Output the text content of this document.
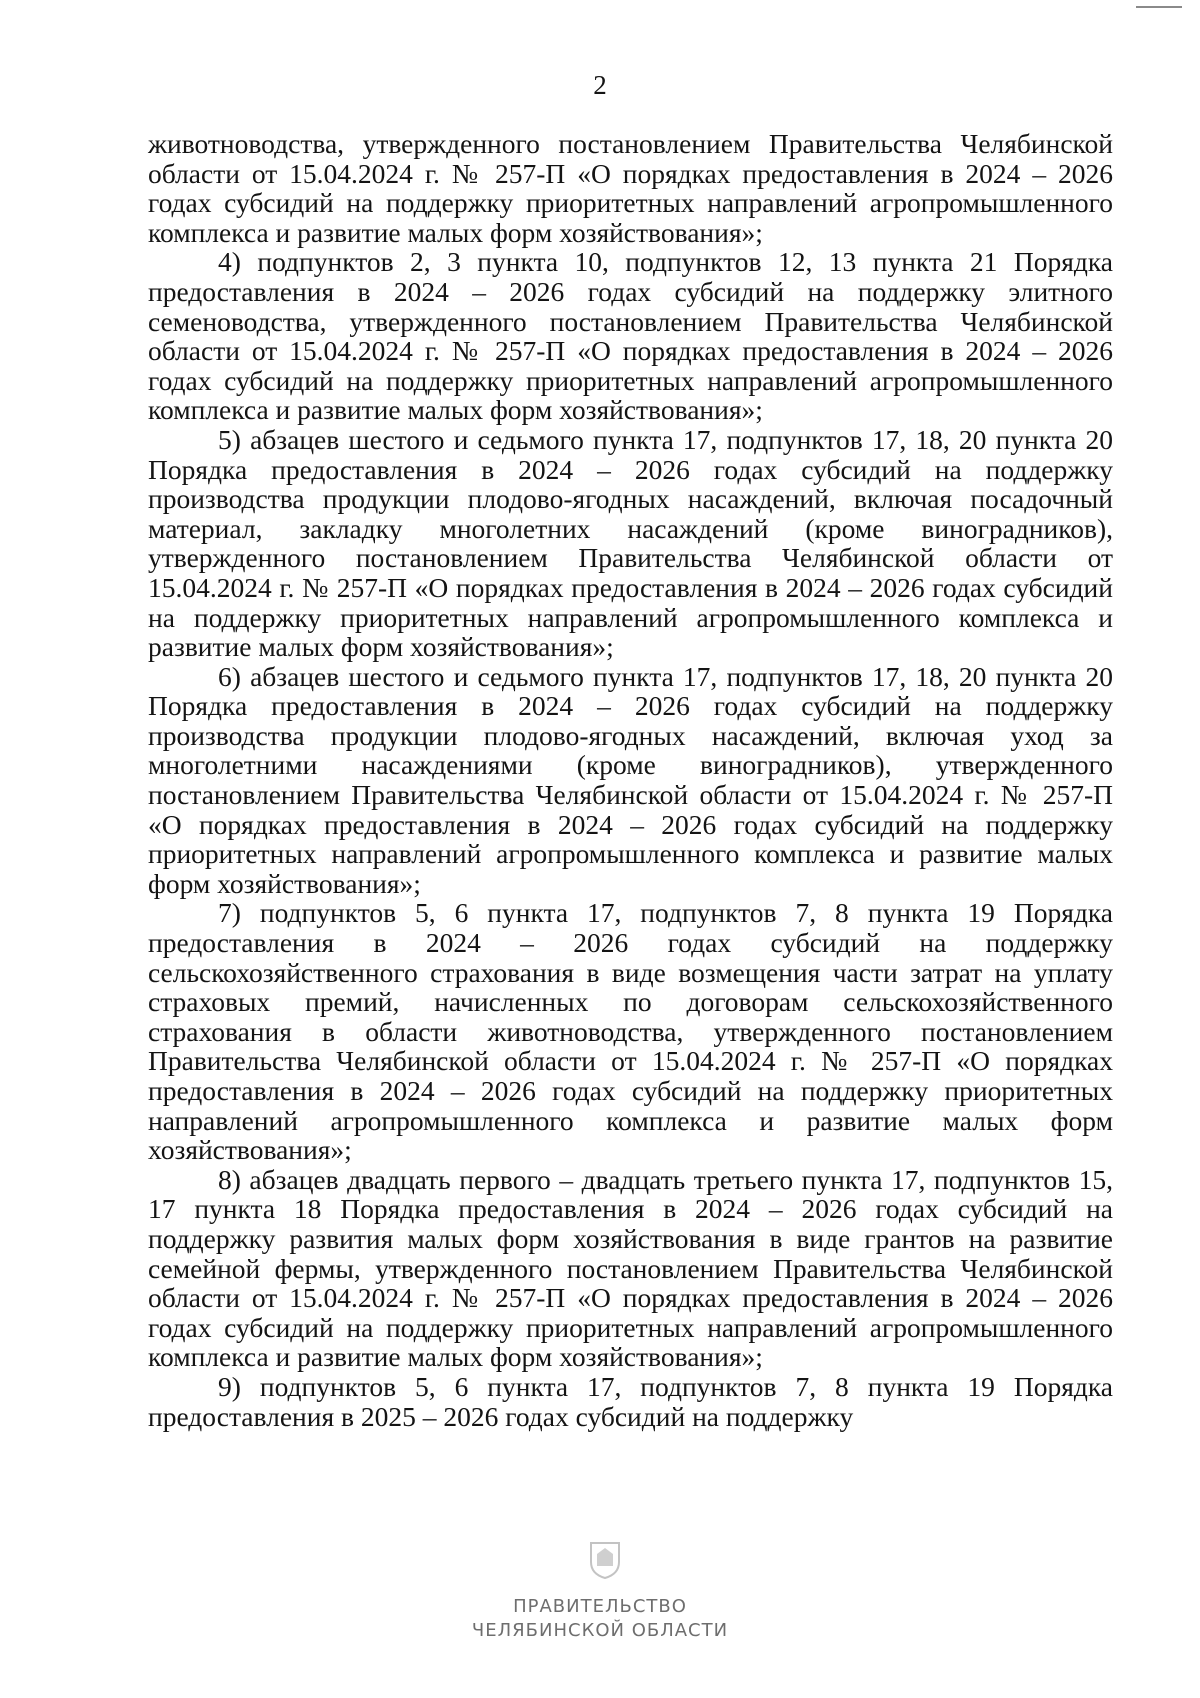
2

животноводства, утвержденного постановлением Правительства Челябинской области от 15.04.2024 г. № 257-П «О порядках предоставления в 2024 – 2026 годах субсидий на поддержку приоритетных направлений агропромышленного комплекса и развитие малых форм хозяйствования»;

4) подпунктов 2, 3 пункта 10, подпунктов 12, 13 пункта 21 Порядка предоставления в 2024 – 2026 годах субсидий на поддержку элитного семеноводства, утвержденного постановлением Правительства Челябинской области от 15.04.2024 г. № 257-П «О порядках предоставления в 2024 – 2026 годах субсидий на поддержку приоритетных направлений агропромышленного комплекса и развитие малых форм хозяйствования»;

5) абзацев шестого и седьмого пункта 17, подпунктов 17, 18, 20 пункта 20 Порядка предоставления в 2024 – 2026 годах субсидий на поддержку производства продукции плодово-ягодных насаждений, включая посадочный материал, закладку многолетних насаждений (кроме виноградников), утвержденного постановлением Правительства Челябинской области от 15.04.2024 г. № 257-П «О порядках предоставления в 2024 – 2026 годах субсидий на поддержку приоритетных направлений агропромышленного комплекса и развитие малых форм хозяйствования»;

6) абзацев шестого и седьмого пункта 17, подпунктов 17, 18, 20 пункта 20 Порядка предоставления в 2024 – 2026 годах субсидий на поддержку производства продукции плодово-ягодных насаждений, включая уход за многолетними насаждениями (кроме виноградников), утвержденного постановлением Правительства Челябинской области от 15.04.2024 г. № 257-П «О порядках предоставления в 2024 – 2026 годах субсидий на поддержку приоритетных направлений агропромышленного комплекса и развитие малых форм хозяйствования»;

7) подпунктов 5, 6 пункта 17, подпунктов 7, 8 пункта 19 Порядка предоставления в 2024 – 2026 годах субсидий на поддержку сельскохозяйственного страхования в виде возмещения части затрат на уплату страховых премий, начисленных по договорам сельскохозяйственного страхования в области животноводства, утвержденного постановлением Правительства Челябинской области от 15.04.2024 г. № 257-П «О порядках предоставления в 2024 – 2026 годах субсидий на поддержку приоритетных направлений агропромышленного комплекса и развитие малых форм хозяйствования»;

8) абзацев двадцать первого – двадцать третьего пункта 17, подпунктов 15, 17 пункта 18 Порядка предоставления в 2024 – 2026 годах субсидий на поддержку развития малых форм хозяйствования в виде грантов на развитие семейной фермы, утвержденного постановлением Правительства Челябинской области от 15.04.2024 г. № 257-П «О порядках предоставления в 2024 – 2026 годах субсидий на поддержку приоритетных направлений агропромышленного комплекса и развитие малых форм хозяйствования»;

9) подпунктов 5, 6 пункта 17, подпунктов 7, 8 пункта 19 Порядка предоставления в 2025 – 2026 годах субсидий на поддержку

ПРАВИТЕЛЬСТВО
ЧЕЛЯБИНСКОЙ ОБЛАСТИ
